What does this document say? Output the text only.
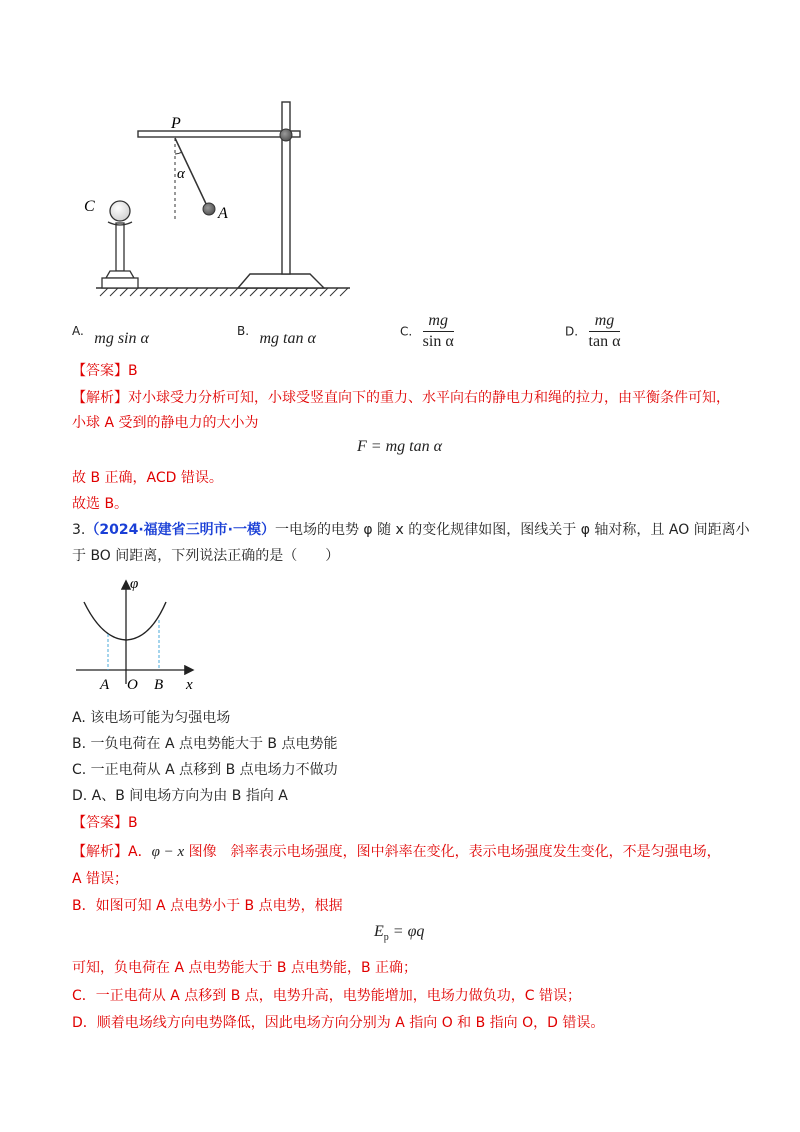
P
α
A
C
A. mg sin α	B. mg tan α	C. $\frac{mg}{\text{sin α}}$	D. $\frac{mg}{\text{tan α}}$
【答案】B
【解析】对小球受力分析可知，小球受竖直向下的重力、水平向右的静电力和绳的拉力，由平衡条件可知，
小球 A 受到的静电力的大小为
F = mg tan α
故 B 正确，ACD 错误。
故选 B。
3.（2024·福建省三明市·一模）一电场的电势 φ 随 x 的变化规律如图，图线关于 φ 轴对称，且 AO 间距离小
于 BO 间距离，下列说法正确的是（　　）
φ
x
A O B
A. 该电场可能为匀强电场
B. 一负电荷在 A 点电势能大于 B 点电势能
C. 一正电荷从 A 点移到 B 点电场力不做功
D. A、B 间电场方向为由 B 指向 A
【答案】B
【解析】A．φ − x 图像　斜率表示电场强度，图中斜率在变化，表示电场强度发生变化，不是匀强电场，
A 错误；
B．如图可知 A 点电势小于 B 点电势，根据
$E_p = \varphi q$
可知，负电荷在 A 点电势能大于 B 点电势能，B 正确；
C．一正电荷从 A 点移到 B 点，电势升高，电势能增加，电场力做负功，C 错误；
D．顺着电场线方向电势降低，因此电场方向分别为 A 指向 O 和 B 指向 O，D 错误。
